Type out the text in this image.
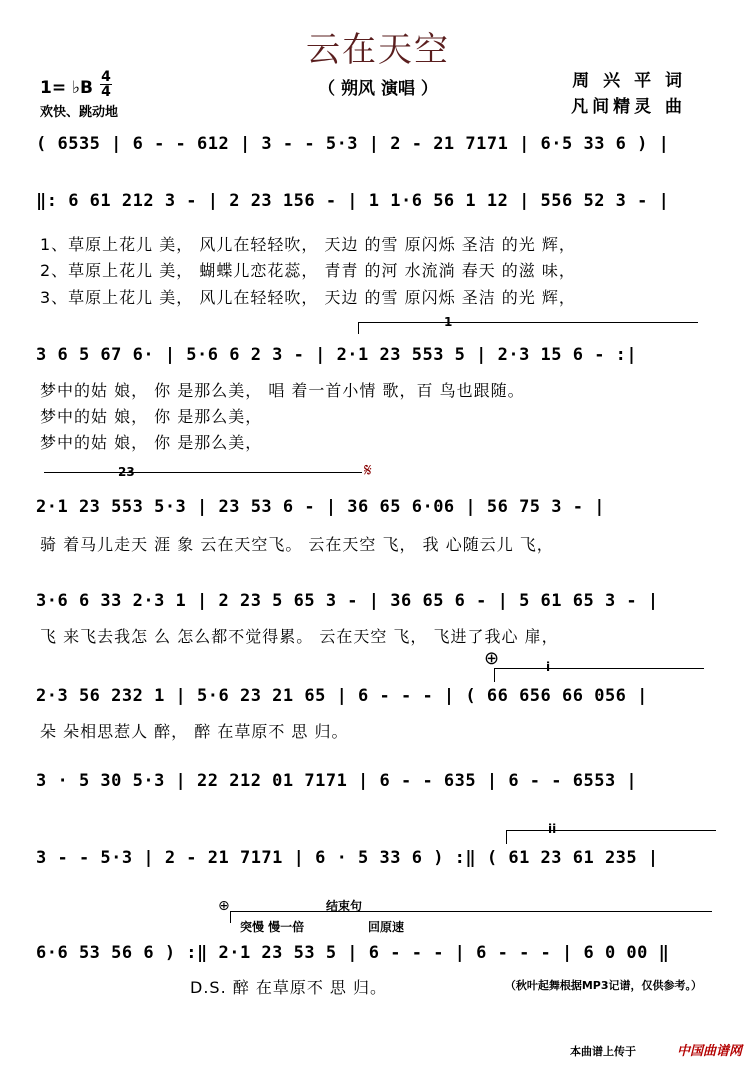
云在天空
（ 朔风 演唱 ）	周 兴 平 词
凡间精灵 曲
1= ♭B
4
4
欢快、跳动地
( 6535 | 6 - - 612 | 3 - - 5·3 | 2 - 21 7171 | 6·5 33 6 ) |
‖: 6 61 212 3 - | 2 23 156 - | 1 1·6 56 1 12 | 556 52 3 - |
1、草原上花儿 美， 风儿在轻轻吹， 天边 的雪 原闪烁 圣洁 的光 辉，
2、草原上花儿 美， 蝴蝶儿恋花蕊， 青青 的河 水流淌 春天 的滋 味，
3、草原上花儿 美， 风儿在轻轻吹， 天边 的雪 原闪烁 圣洁 的光 辉，
1
3 6 5 67 6· | 5·6 6 2 3 - | 2·1 23 553 5 | 2·3 15 6 - :|
梦中的姑 娘， 你 是那么美， 唱 着一首小情 歌，百 鸟也跟随。
梦中的姑 娘， 你 是那么美，
梦中的姑 娘， 你 是那么美，
23	𝄋
2·1 23 553 5·3 | 23 53 6 - | 36 65 6·06 | 56 75 3 - |
骑 着马儿走天 涯 象 云在天空飞。 云在天空 飞， 我 心随云儿 飞，
3·6 6 33 2·3 1 | 2 23 5 65 3 - | 36 65 6 - | 5 61 65 3 - |
飞 来飞去我怎 么 怎么都不觉得累。 云在天空 飞， 飞进了我心 扉，
⊕	i
2·3 56 232 1 | 5·6 23 21 65 | 6 - - - | ( 66 656 66 056 |
朵 朵相思惹人 醉， 醉 在草原不 思 归。
3 · 5 30 5·3 | 22 212 01 7171 | 6 - - 635 | 6 - - 6553 |
ii
3 - - 5·3 | 2 - 21 7171 | 6 · 5 33 6 ) :‖ ( 61 23 61 235 |
结束句
⊕
突慢 慢一倍	回原速
6·6 53 56 6 ) :‖ 2·1 23 53 5 | 6 - - - | 6 - - - | 6 0 00 ‖
D.S. 醉 在草原不 思 归。	（秋叶起舞根据MP3记谱，仅供参考。）
本曲谱上传于	中国曲谱网
